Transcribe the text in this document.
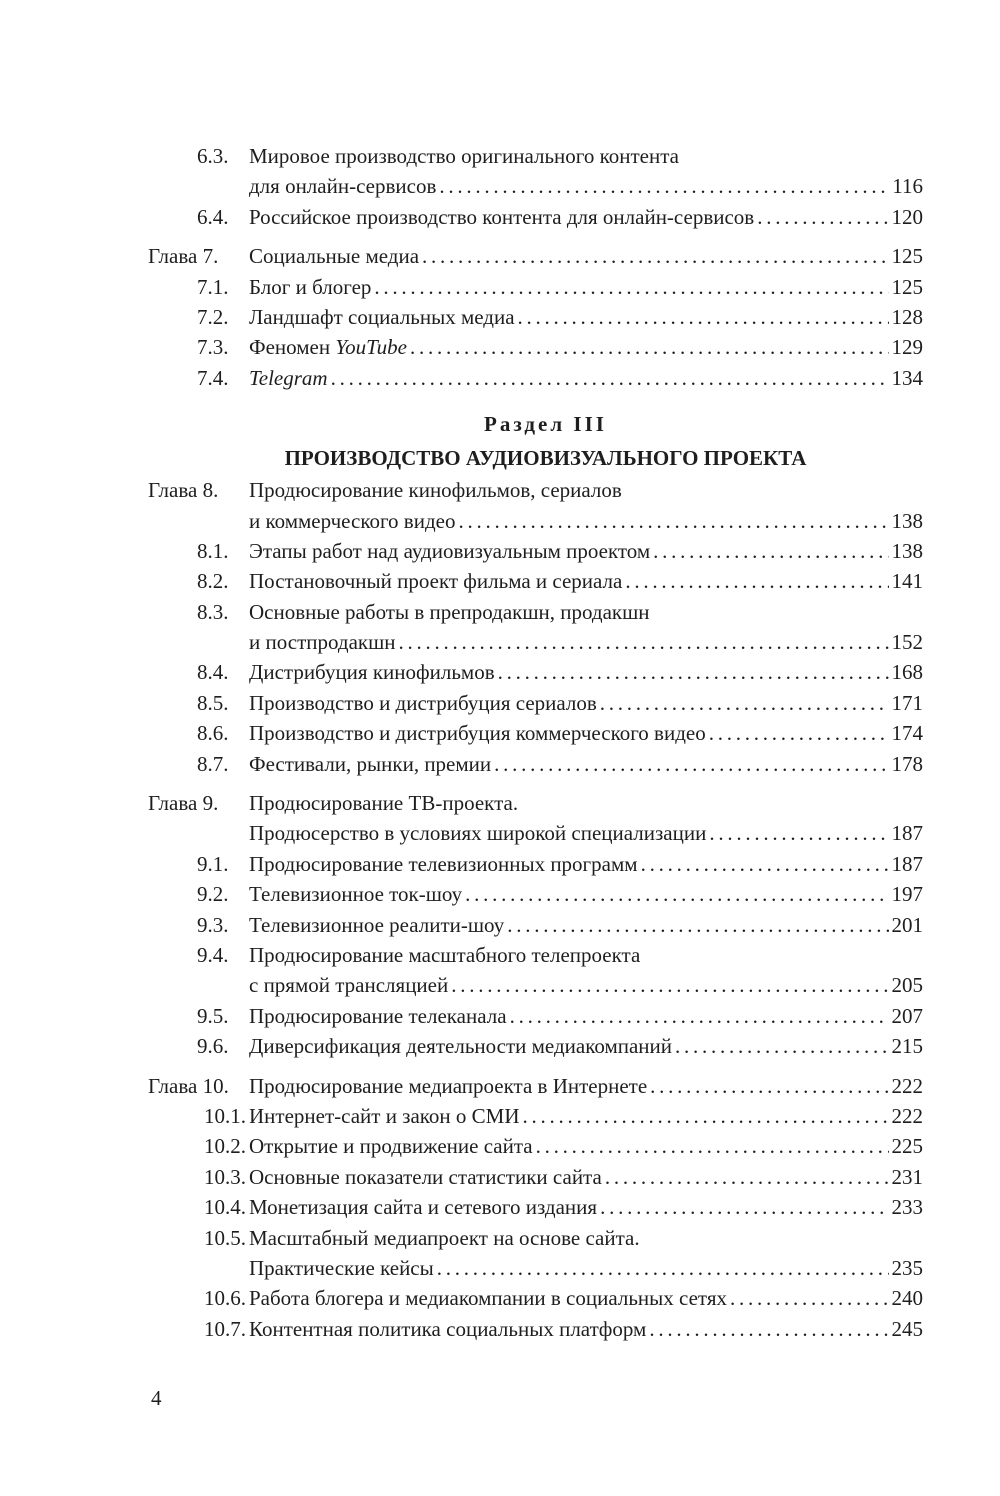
6.3. Мировое производство оригинального контента
для онлайн-сервисов . . .	116
6.4. Российское производство контента для онлайн-сервисов . . .	120
Глава 7.	Социальные медиа . . .	125
7.1. Блог и блогер . . .	125
7.2. Ландшафт социальных медиа . . .	128
7.3. Феномен YouTube . . .	129
7.4. Telegram . . .	134
Раздел III
ПРОИЗВОДСТВО АУДИОВИЗУАЛЬНОГО ПРОЕКТА
Глава 8.	Продюсирование кинофильмов, сериалов
и коммерческого видео . . .	138
8.1. Этапы работ над аудиовизуальным проектом . . .	138
8.2. Постановочный проект фильма и сериала . . .	141
8.3. Основные работы в препродакшн, продакшн
и постпродакшн . . .	152
8.4. Дистрибуция кинофильмов . . .	168
8.5. Производство и дистрибуция сериалов . . .	171
8.6. Производство и дистрибуция коммерческого видео . . .	174
8.7. Фестивали, рынки, премии . . .	178
Глава 9.	Продюсирование ТВ-проекта.
Продюсерство в условиях широкой специализации . . .	187
9.1. Продюсирование телевизионных программ . . .	187
9.2. Телевизионное ток-шоу . . .	197
9.3. Телевизионное реалити-шоу . . .	201
9.4. Продюсирование масштабного телепроекта
с прямой трансляцией . . .	205
9.5. Продюсирование телеканала . . .	207
9.6. Диверсификация деятельности медиакомпаний . . .	215
Глава 10. Продюсирование медиапроекта в Интернете . . .	222
10.1. Интернет-сайт и закон о СМИ . . .	222
10.2. Открытие и продвижение сайта . . .	225
10.3. Основные показатели статистики сайта . . .	231
10.4. Монетизация сайта и сетевого издания . . .	233
10.5. Масштабный медиапроект на основе сайта.
Практические кейсы . . .	235
10.6. Работа блогера и медиакомпании в социальных сетях . . .	240
10.7. Контентная политика социальных платформ . . .	245
4
